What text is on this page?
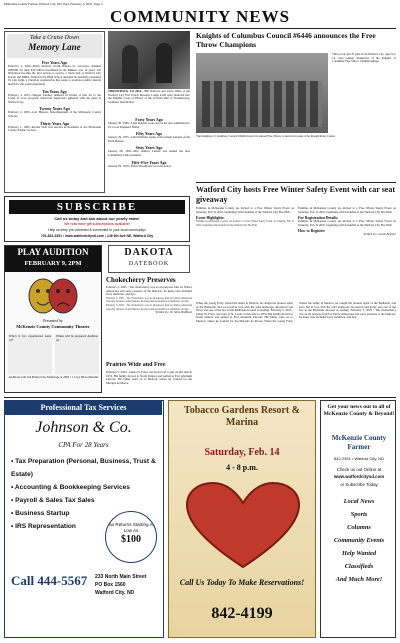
McKenzie County Farmer, Watford City, ND, Wed, February 5, 2025, Page 4
COMMUNITY NEWS
Take a Cruise Down
Memory Lane
Five Years Ago
February 5, 2020...Brian Sanford, North Dakota Lt. Governor, thanked ONEOK for their $10 billion investment in the Bakken over 14 years. Lili Nicholson became the first person to receive a black belt at Watford City Karate and MMA. Watford City High School attended its assembly presented by Life Light, a Christian organization that seeks to promote positive mental health for the youth generation.
Ten Years Ago
February 4, 2015...Snippet Lindsey dumped 10 inches of hair for to the Locks of Love program. American Supporters gathered with the gusts at Watford City.
Twenty Years Ago
February 2, 2005...Lori Hanson, Superintendent of the McKenzie County Schools.
Thirty Years Ago
February 1, 1995...Rocket Wall was elected as President of the McKenzie County Farmer Society.
THROWBACK TO 2014... Bill Rafferty and Alvin Weitz of the Watford City Fort Union Masonic Lodge #128 were inducted into the Knights Court of Honor of the Scottish Rite of Freemasonry, Southern Jurisdiction.
Forty Years Ago
January 30, 1985...Lynn Roberts took over as the new administrator for Good Shepherd Home.
Fifty Years Ago
January 29, 1975...John Wittmier spoke at the annual banquet of the Farm Bureau.
Sixty Years Ago
January 28, 1965...Mrs. Audrey Leland was named the new Community Club president.
Fifty-Five Years Ago
January 29, 1970...Elden Woodhouse won the honor.
Knights of Columbus Council #6446 announces the Free Throw Champions
Thirty-four and 37 girls from Watford City, ages 9 to 14, were named champions of the Knights of Columbus Free Throw Championships.
The Knights of Columbus Council #6446 hosted its annual Free Throw contest last week at the Rough Rider Center.
Watford City hosts Free Winter Safety Event with car seat giveaway
Families in McKenzie County are invited to a Free Winter Safety Event on Saturday, Feb. 8, 2025, beginning with breakfast at the Watford City Fire Hall.
Event Highlights:
Families in McKenzie County are invited to a Free Winter Safety Event on Saturday, Feb. 8, 2025, beginning with breakfast at the Watford City Fire Hall.
Families in McKenzie County are invited to a Free Winter Safety Event on Saturday, Feb. 8, 2025, beginning with breakfast at the Watford City Fire Hall.
For Registration Details:
Families in McKenzie County are invited to a Free Winter Safety Event on Saturday, Feb. 8, 2025, beginning with breakfast at the Watford City Fire Hall.
How to Register:
Written by: Carole Butcher
SUBSCRIBE
Call us today and ask about our yearly rates!
We now have gift subscriptions available!
Help us keep you informed & connected to your local community!
701-842-2351 • www.watfordcitynd.com • 146 6th Ave NE, Watford City
PLAY AUDITION
FEBRUARY 9, 2PM
Presented by
McKenzie County Community Theater
Who's it for: experienced teens 16+
Where will be prepared: Audition ad
Auditions Call and Bring in the Mainstage at 2PM • 1 Copy Photo/Resume
DAKOTA
DATEBOOK
Chokecherry Preserves
February 5, 2025 - The chokecherry was an all-purpose fruit for Native Americans and early pioneers of the Dakotas. Its many uses included food, medicine, and dye.
February 5, 2025 - The chokecherry was an all-purpose fruit for Native Americans and early pioneers of the Dakotas. Its many uses included food, medicine, and dye.
February 5, 2025 - The chokecherry was an all-purpose fruit for Native Americans and early pioneers of the Dakotas. Its many uses included food, medicine, and dye.
Written by: Dr. Steve Hoffbeck
Prairies Wide and Free
February 5, 2025 - James W. Foley was born in St. Louis on this date in 1874. His family moved to North Dakota and settled at Fort Abraham Lincoln. His father went on to Medora, where he worked for the Marquis de Mores.
When the young Foley visited his father in Medora, he caught the pioneer spirit of the Badlands, and soon fell in love with the wild landscape. Roosevelt and Foley was one of the few in the Badlands devoted to reading. February 5, 2025 - James W. Foley was born in St. Louis on this date in 1874. His family moved to North Dakota and settled at Fort Abraham Lincoln. His father went on to Medora, where he worked for the Marquis de Mores. When the young Foley visited his father in Medora, he caught the pioneer spirit of the Badlands, and soon fell in love with the wild landscape. Roosevelt and Foley was one of the few in the Badlands devoted to reading. February 5, 2025 - The chokecherry was an all-purpose fruit for Native Americans and early pioneers of the Dakotas. Its many uses included food, medicine, and dye.
Professional Tax Services
Johnson & Co.
CPA For 28 Years
• Tax Preparation (Personal, Business, Trust & Estate)
• Accounting & Bookkeeping Services
• Payroll & Sales Tax Sales
• Business Startup
• IRS Representation
Call 444-5567	233 North Main Street
PO Box 1560
Watford City, ND
Tax Returns Starting As Low As
$100
Tobacco Gardens Resort & Marina
Saturday, Feb. 14
4 - 8 p.m.
Call Us Today To Make Reservations!
842-4199
Get your news out to all of McKenzie County & Beyond!
McKenzie County Farmer
842-2351 • Watford City, ND
Check us out Online at
www.watfordcitynd.com
or Subscribe Today
Local News
Sports
Columns
Community Events
Help Wanted
Classifieds
And Much More!
